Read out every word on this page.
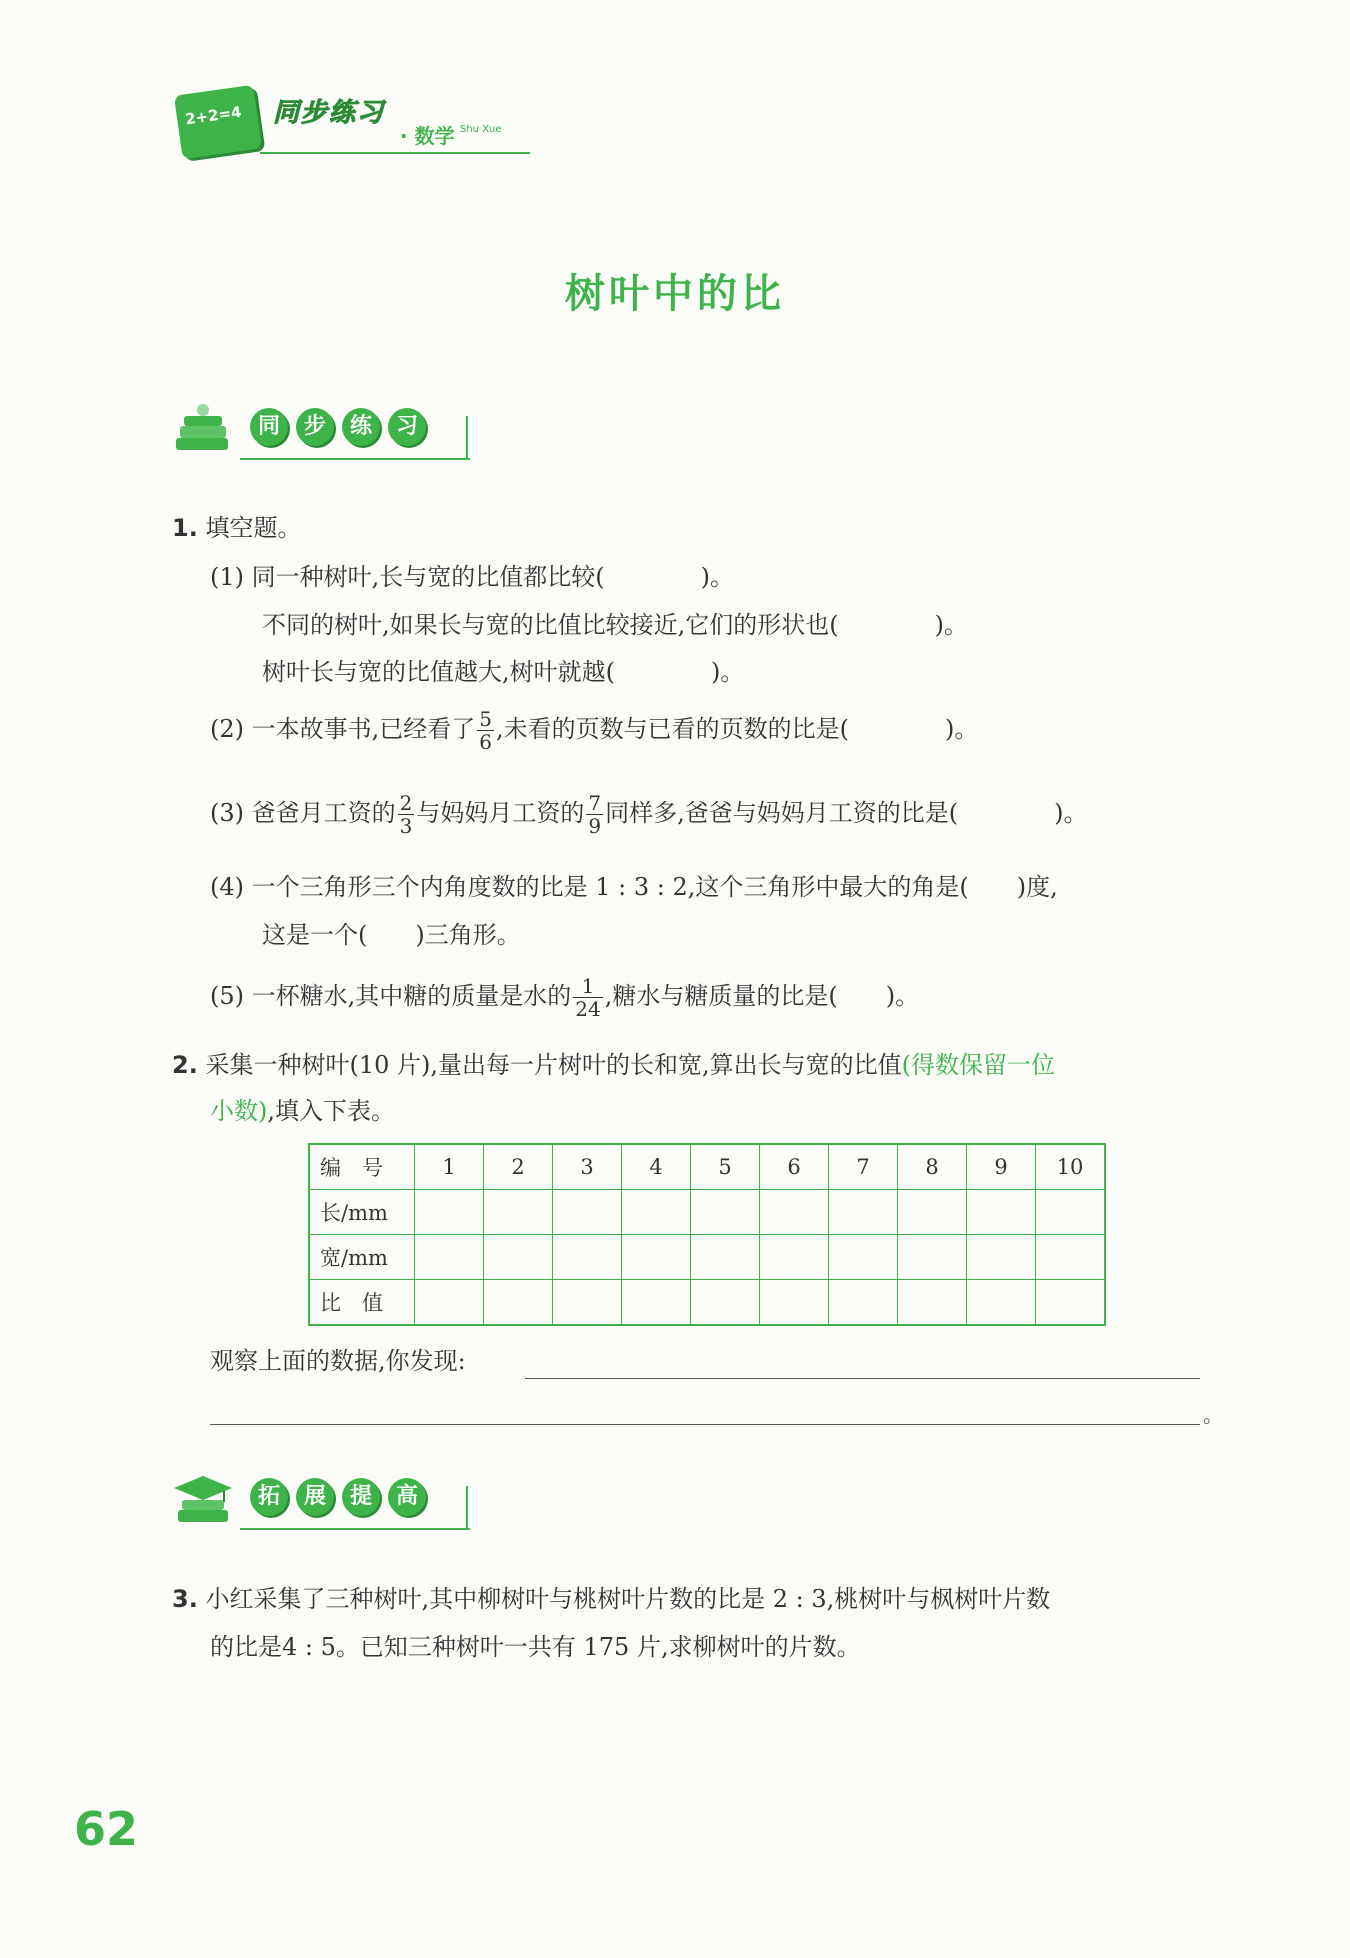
2+2=4 同步练习
· 数学 Shu Xue
树叶中的比
同	步	练	习
1. 填空题。
(1) 同一种树叶,长与宽的比值都比较(　　　　)。
不同的树叶,如果长与宽的比值比较接近,它们的形状也(　　　　)。
树叶长与宽的比值越大,树叶就越(　　　　)。
(2) 一本故事书,已经看了 $\frac{5}{6}$ ,未看的页数与已看的页数的比是(　　　　)。
(3) 爸爸月工资的 $\frac{2}{3}$ 与妈妈月工资的 $\frac{7}{9}$ 同样多,爸爸与妈妈月工资的比是(　　　　)。
(4) 一个三角形三个内角度数的比是 1 : 3 : 2,这个三角形中最大的角是(　　)度,
这是一个(　　)三角形。
(5) 一杯糖水,其中糖的质量是水的 $\frac{1}{24}$ ,糖水与糖质量的比是(　　)。
2. 采集一种树叶(10 片),量出每一片树叶的长和宽,算出长与宽的比值(得数保留一位
小数),填入下表。
编　号	1	2	3	4	5	6	7	8	9	10
长/mm										
宽/mm										
比　值										
观察上面的数据,你发现:
。
拓	展	提	高
3. 小红采集了三种树叶,其中柳树叶与桃树叶片数的比是 2 : 3,桃树叶与枫树叶片数
的比是4 : 5。已知三种树叶一共有 175 片,求柳树叶的片数。
62
